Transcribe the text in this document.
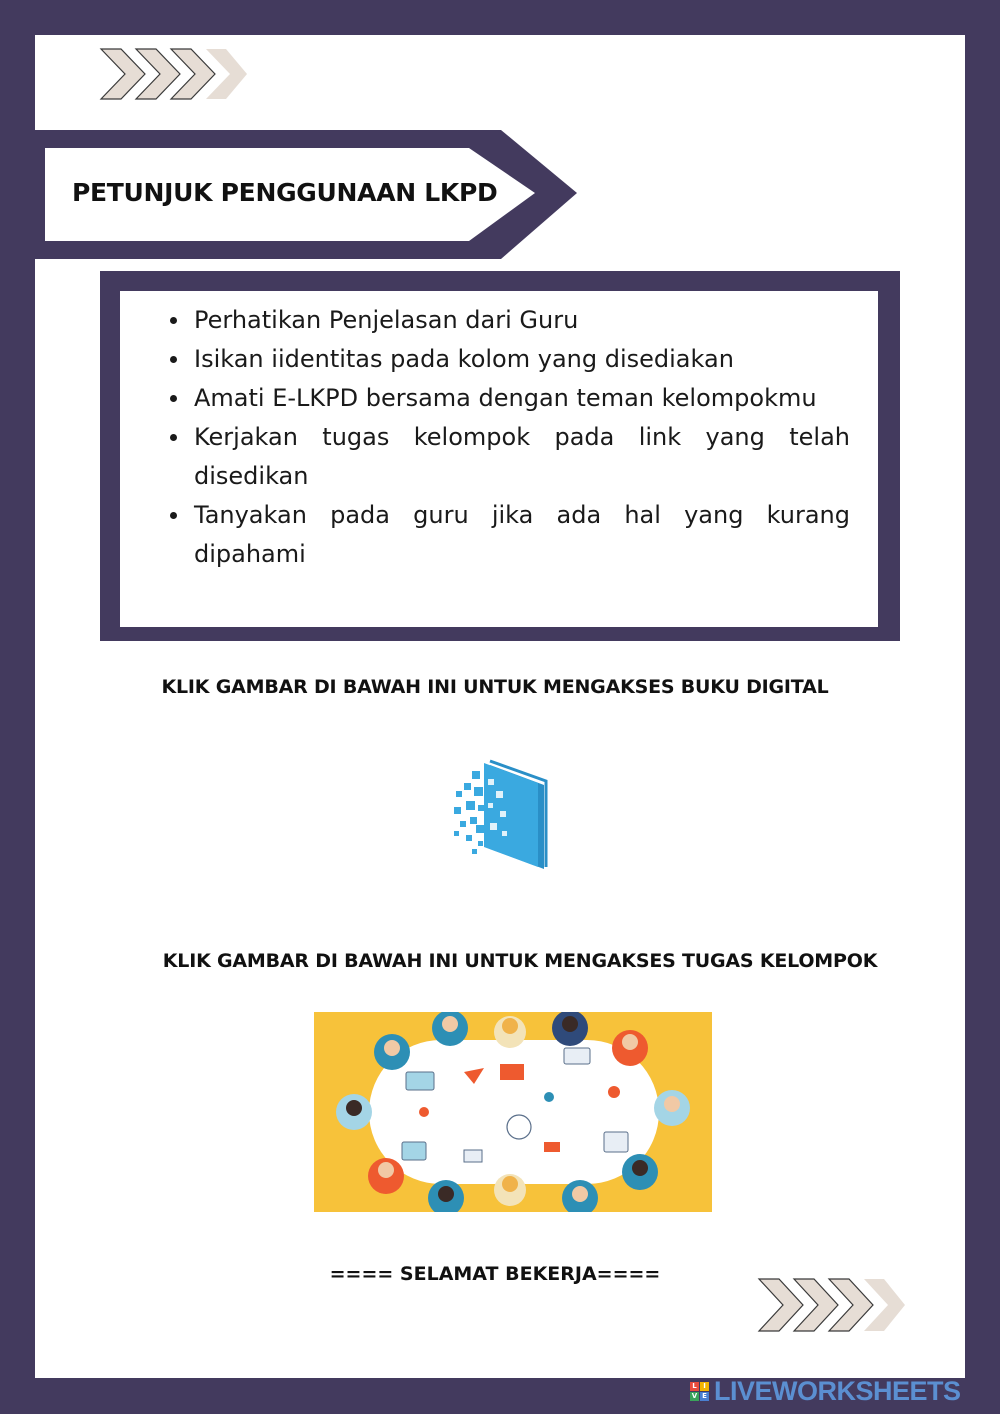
PETUNJUK PENGGUNAAN LKPD
Perhatikan Penjelasan dari Guru
Isikan iidentitas pada kolom yang disediakan
Amati E-LKPD bersama dengan teman kelompokmu
Kerjakan tugas kelompok pada link yang telah disedikan
Tanyakan pada guru jika ada hal yang kurang dipahami
KLIK GAMBAR DI BAWAH INI UNTUK MENGAKSES BUKU DIGITAL
KLIK GAMBAR DI BAWAH INI UNTUK MENGAKSES TUGAS KELOMPOK
==== SELAMAT BEKERJA====
L I
V E LIVEWORKSHEETS
